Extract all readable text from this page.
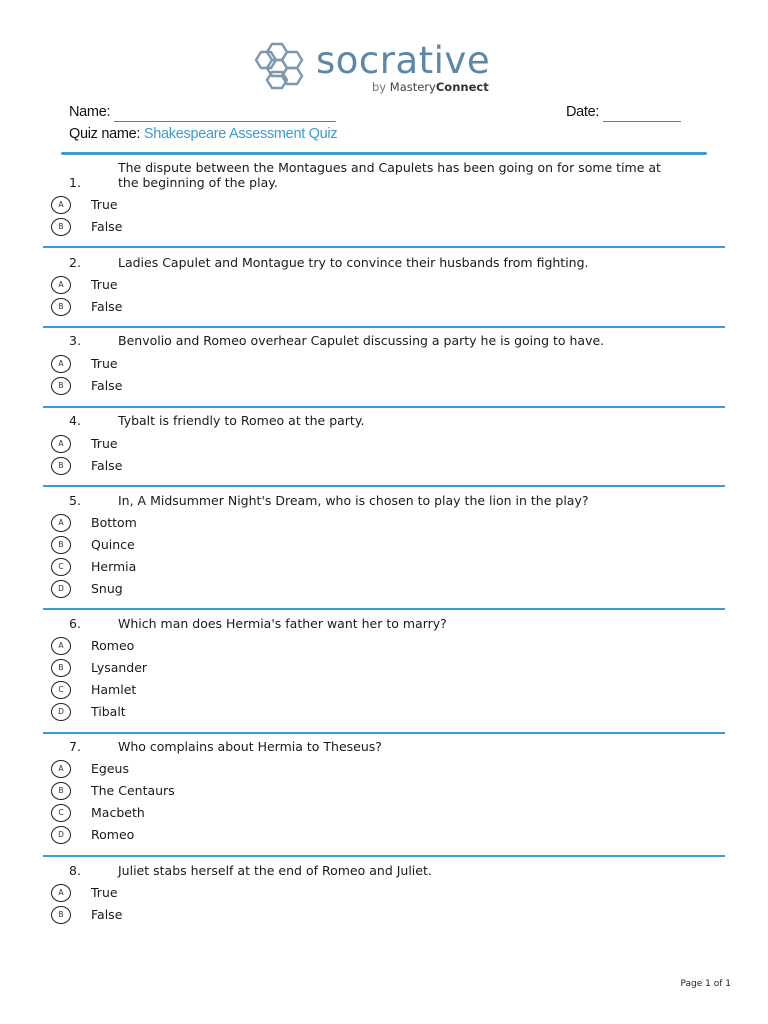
socrative
by MasteryConnect
Name:	Date:
Quiz name: Shakespeare Assessment Quiz
1.
The dispute between the Montagues and Capulets has been going on for some time at the beginning of the play.
A	True
B	False
2.	Ladies Capulet and Montague try to convince their husbands from fighting.
A	True
B	False
3.	Benvolio and Romeo overhear Capulet discussing a party he is going to have.
A	True
B	False
4.	Tybalt is friendly to Romeo at the party.
A	True
B	False
5.	In, A Midsummer Night's Dream, who is chosen to play the lion in the play?
A	Bottom
B	Quince
C	Hermia
D	Snug
6.	Which man does Hermia's father want her to marry?
A	Romeo
B	Lysander
C	Hamlet
D	Tibalt
7.	Who complains about Hermia to Theseus?
A	Egeus
B	The Centaurs
C	Macbeth
D	Romeo
8.	Juliet stabs herself at the end of Romeo and Juliet.
A	True
B	False
Page 1 of 1
